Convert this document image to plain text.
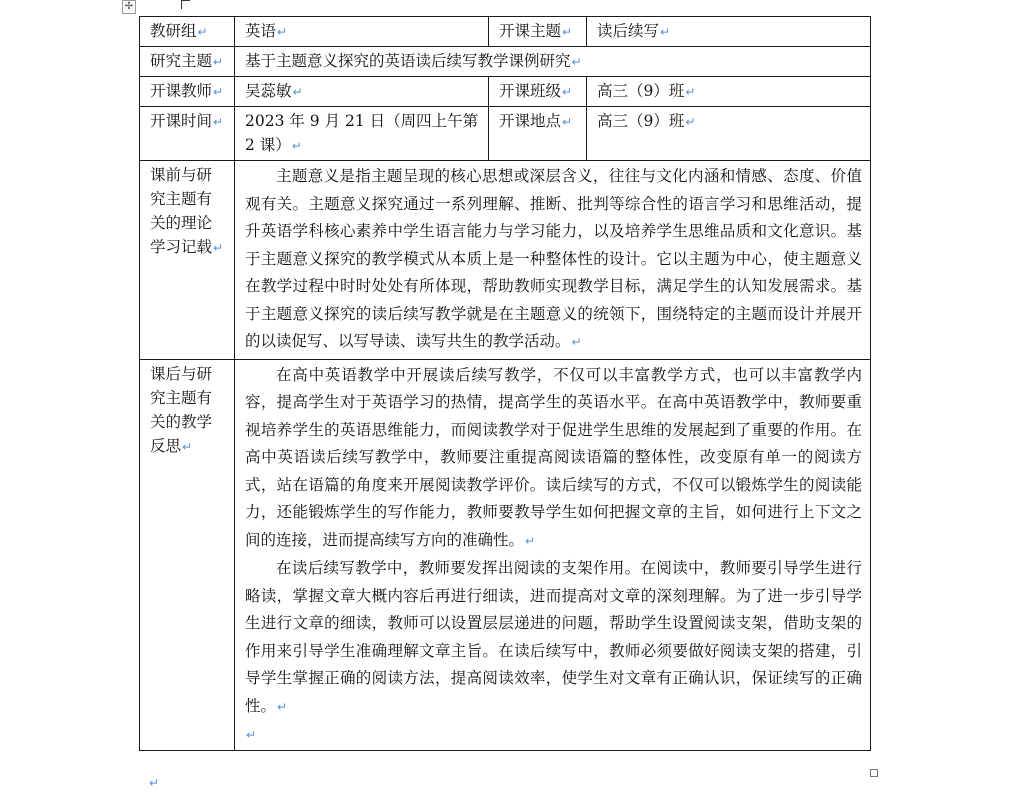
✢
教研组↵	英语↵	开课主题↵	读后续写↵
研究主题↵	基于主题意义探究的英语读后续写教学课例研究↵		
开课教师↵	吴蕊敏↵	开课班级↵	高三（9）班↵
开课时间↵	2023 年 9 月 21 日（周四上午第 2 课）↵	开课地点↵	高三（9）班↵
课前与研究主题有关的理论学习记载↵	主题意义是指主题呈现的核心思想或深层含义，往往与文化内涵和情感、态度、价值观有关。主题意义探究通过一系列理解、推断、批判等综合性的语言学习和思维活动，提升英语学科核心素养中学生语言能力与学习能力，以及培养学生思维品质和文化意识。基于主题意义探究的教学模式从本质上是一种整体性的设计。它以主题为中心，使主题意义在教学过程中时时处处有所体现，帮助教师实现教学目标，满足学生的认知发展需求。基于主题意义探究的读后续写教学就是在主题意义的统领下，围绕特定的主题而设计并展开的以读促写、以写导读、读写共生的教学活动。↵		

课后与研究主题有关的教学反思↵	在高中英语教学中开展读后续写教学，不仅可以丰富教学方式，也可以丰富教学内容，提高学生对于英语学习的热情，提高学生的英语水平。在高中英语教学中，教师要重视培养学生的英语思维能力，而阅读教学对于促进学生思维的发展起到了重要的作用。在高中英语读后续写教学中，教师要注重提高阅读语篇的整体性，改变原有单一的阅读方式，站在语篇的角度来开展阅读教学评价。读后续写的方式，不仅可以锻炼学生的阅读能力，还能锻炼学生的写作能力，教师要教导学生如何把握文章的主旨，如何进行上下文之间的连接，进而提高续写方向的准确性。↵

在读后续写教学中，教师要发挥出阅读的支架作用。在阅读中，教师要引导学生进行略读，掌握文章大概内容后再进行细读，进而提高对文章的深刻理解。为了进一步引导学生进行文章的细读，教师可以设置层层递进的问题，帮助学生设置阅读支架，借助支架的作用来引导学生准确理解文章主旨。在读后续写中，教师必须要做好阅读支架的搭建，引导学生掌握正确的阅读方法，提高阅读效率，使学生对文章有正确认识，保证续写的正确性。↵

↵		
↵
